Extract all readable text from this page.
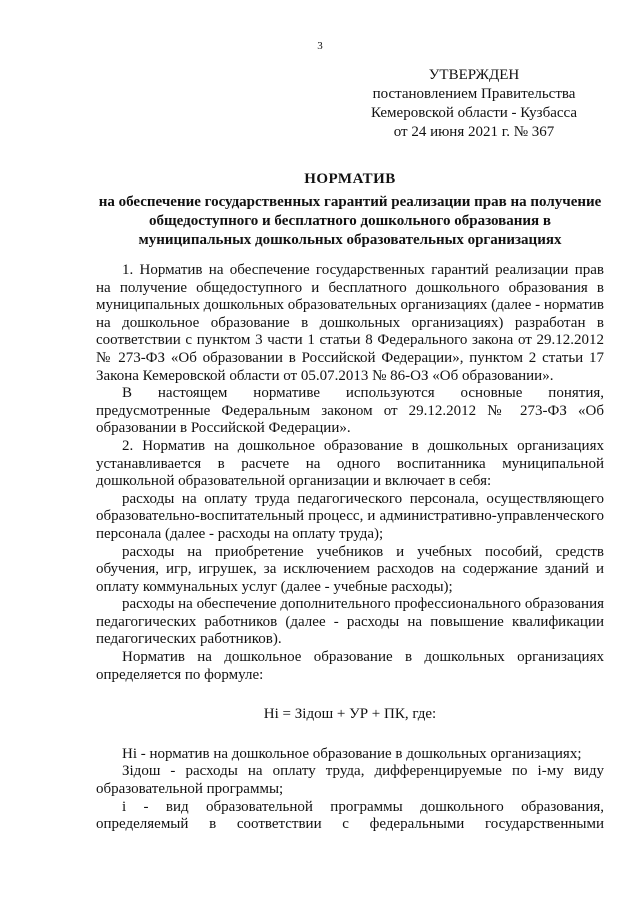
3
УТВЕРЖДЕН
постановлением Правительства
Кемеровской области - Кузбасса
от 24 июня 2021 г. № 367
НОРМАТИВ
на обеспечение государственных гарантий реализации прав на получение общедоступного и бесплатного дошкольного образования в муниципальных дошкольных образовательных организациях

1. Норматив на обеспечение государственных гарантий реализации прав на получение общедоступного и бесплатного дошкольного образования в муниципальных дошкольных образовательных организациях (далее - норматив на дошкольное образование в дошкольных организациях) разработан в соответствии с пунктом 3 части 1 статьи 8 Федерального закона от 29.12.2012 № 273-ФЗ «Об образовании в Российской Федерации», пунктом 2 статьи 17 Закона Кемеровской области от 05.07.2013 № 86-ОЗ «Об образовании».

В настоящем нормативе используются основные понятия, предусмотренные Федеральным законом от 29.12.2012 № 273-ФЗ «Об образовании в Российской Федерации».

2. Норматив на дошкольное образование в дошкольных организациях устанавливается в расчете на одного воспитанника муниципальной дошкольной образовательной организации и включает в себя:

расходы на оплату труда педагогического персонала, осуществляющего образовательно-воспитательный процесс, и административно-управленческого персонала (далее - расходы на оплату труда);

расходы на приобретение учебников и учебных пособий, средств обучения, игр, игрушек, за исключением расходов на содержание зданий и оплату коммунальных услуг (далее - учебные расходы);

расходы на обеспечение дополнительного профессионального образования педагогических работников (далее - расходы на повышение квалификации педагогических работников).

Норматив на дошкольное образование в дошкольных организациях определяется по формуле:

Нi = Зiдош + УР + ПК, где:

Нi - норматив на дошкольное образование в дошкольных организациях;

Зiдош - расходы на оплату труда, дифференцируемые по i-му виду образовательной программы;

i - вид образовательной программы дошкольного образования, определяемый в соответствии с федеральными государственными
